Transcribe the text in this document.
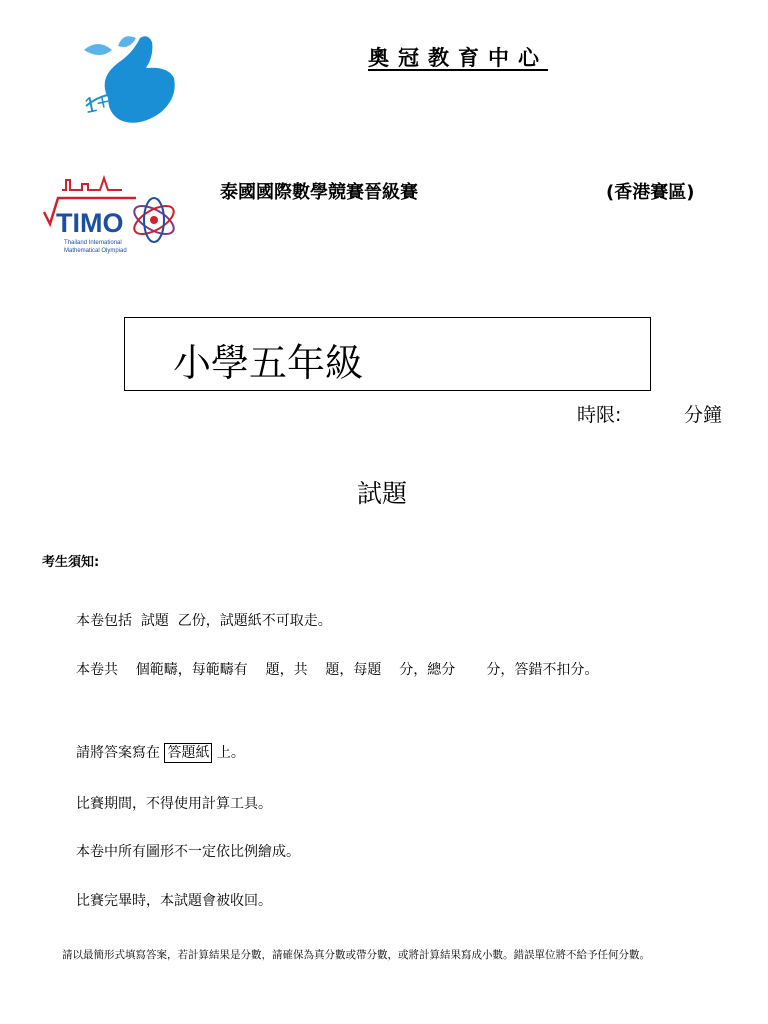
1+9=100
奧冠教育中心
TIMO
Thailand International
Mathematical Olympiad
泰國國際數學競賽晉級賽	(香港賽區)
小學五年級
時限:	分鐘
試題
考生須知:
本卷包括  試題  乙份，試題紙不可取走。
本卷共    個範疇，每範疇有    題，共    題，每題    分，總分       分，答錯不扣分。
請將答案寫在 答題紙 上。
比賽期間，不得使用計算工具。
本卷中所有圖形不一定依比例繪成。
比賽完畢時，本試題會被收回。
請以最簡形式填寫答案，若計算結果是分數，請確保為真分數或帶分數，或將計算結果寫成小數。錯誤單位將不給予任何分數。
